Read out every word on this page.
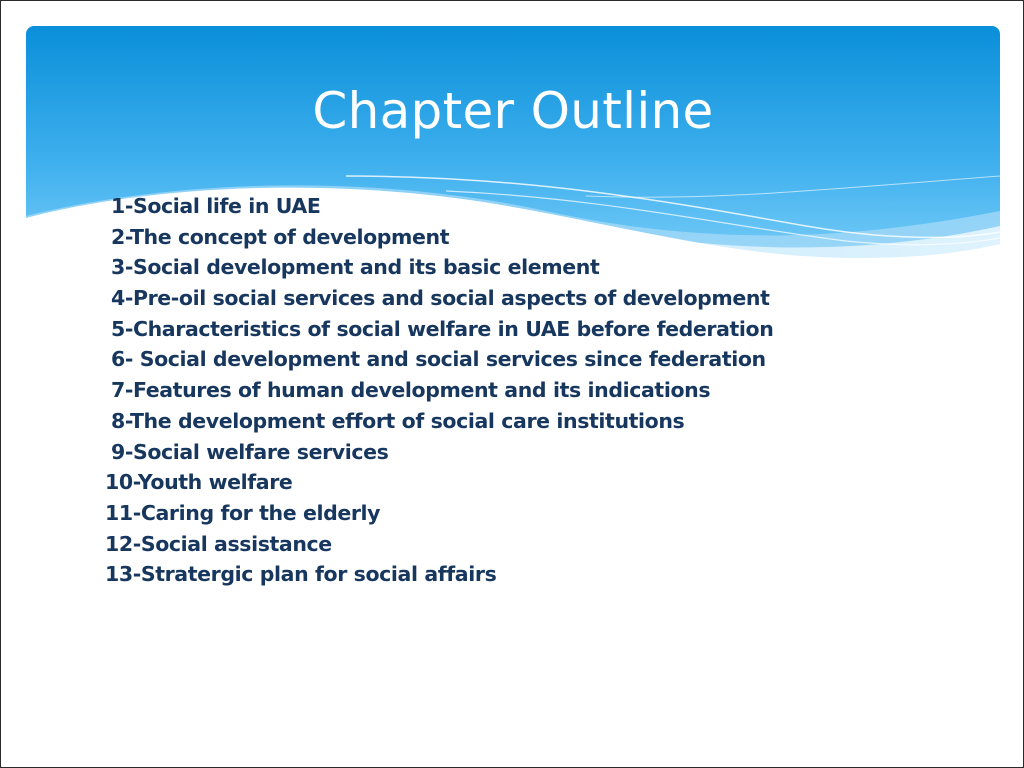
Chapter Outline
1-Social life in UAE
2-The concept of development
3-Social development and its basic element
4-Pre-oil social services and social aspects of development
5-Characteristics of social welfare in UAE before federation
6- Social development and social services since federation
7-Features of human development and its indications
8-The development effort of social care institutions
9-Social welfare services
10-Youth welfare
11-Caring for the elderly
12-Social assistance
13-Stratergic plan for social affairs
